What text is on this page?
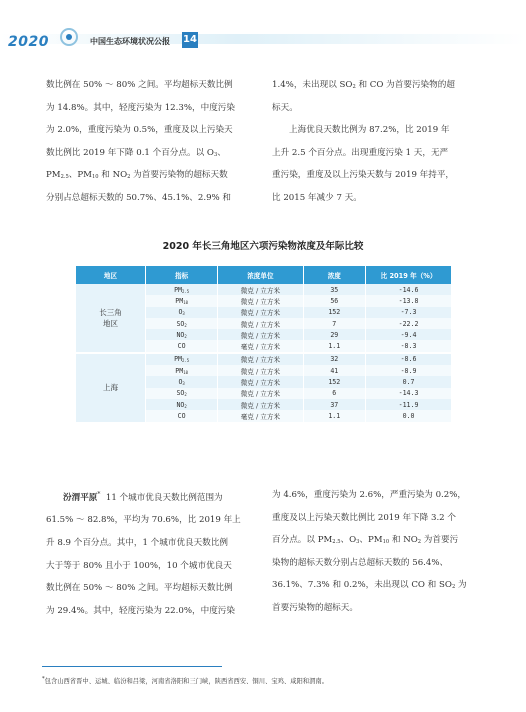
2020	中国生态环境状况公报 14
数比例在 50% ～ 80% 之间。平均超标天数比例
为 14.8%。其中，轻度污染为 12.3%，中度污染
为 2.0%，重度污染为 0.5%，重度及以上污染天
数比例比 2019 年下降 0.1 个百分点。以 $O_3$、
$PM_{2.5}$、$PM_{10}$ 和 $NO_2$ 为首要污染物的超标天数
分别占总超标天数的 50.7%、45.1%、2.9% 和
1.4%，未出现以 $SO_2$ 和 CO 为首要污染物的超
标天。
上海优良天数比例为 87.2%，比 2019 年
上升 2.5 个百分点。出现重度污染 1 天，无严
重污染，重度及以上污染天数与 2019 年持平，
比 2015 年减少 7 天。
2020 年长三角地区六项污染物浓度及年际比较
地区	指标	浓度单位	浓度	比 2019 年（%）
长三角
地区	$PM_{2.5}$	微克 / 立方米	35	-14.6
	$PM_{10}$	微克 / 立方米	56	-13.8
	$O_3$	微克 / 立方米	152	-7.3
	$SO_2$	微克 / 立方米	7	-22.2
	$NO_2$	微克 / 立方米	29	-9.4
	CO	毫克 / 立方米	1.1	-8.3
上海	$PM_{2.5}$	微克 / 立方米	32	-8.6
	$PM_{10}$	微克 / 立方米	41	-8.9
	$O_3$	微克 / 立方米	152	0.7
	$SO_2$	微克 / 立方米	6	-14.3
	$NO_2$	微克 / 立方米	37	-11.9
	CO	毫克 / 立方米	1.1	0.0
汾渭平原* 11 个城市优良天数比例范围为
61.5% ～ 82.8%，平均为 70.6%，比 2019 年上
升 8.9 个百分点。其中，1 个城市优良天数比例
大于等于 80% 且小于 100%，10 个城市优良天
数比例在 50% ～ 80% 之间。平均超标天数比例
为 29.4%。其中，轻度污染为 22.0%，中度污染
为 4.6%，重度污染为 2.6%，严重污染为 0.2%，
重度及以上污染天数比例比 2019 年下降 3.2 个
百分点。以 $PM_{2.5}$、$O_3$、$PM_{10}$ 和 $NO_2$ 为首要污
染物的超标天数分别占总超标天数的 56.4%、
36.1%、7.3% 和 0.2%，未出现以 CO 和 $SO_2$ 为
首要污染物的超标天。
*包含山西省晋中、运城、临汾和吕梁，河南省洛阳和三门峡，陕西省西安、铜川、宝鸡、咸阳和渭南。
